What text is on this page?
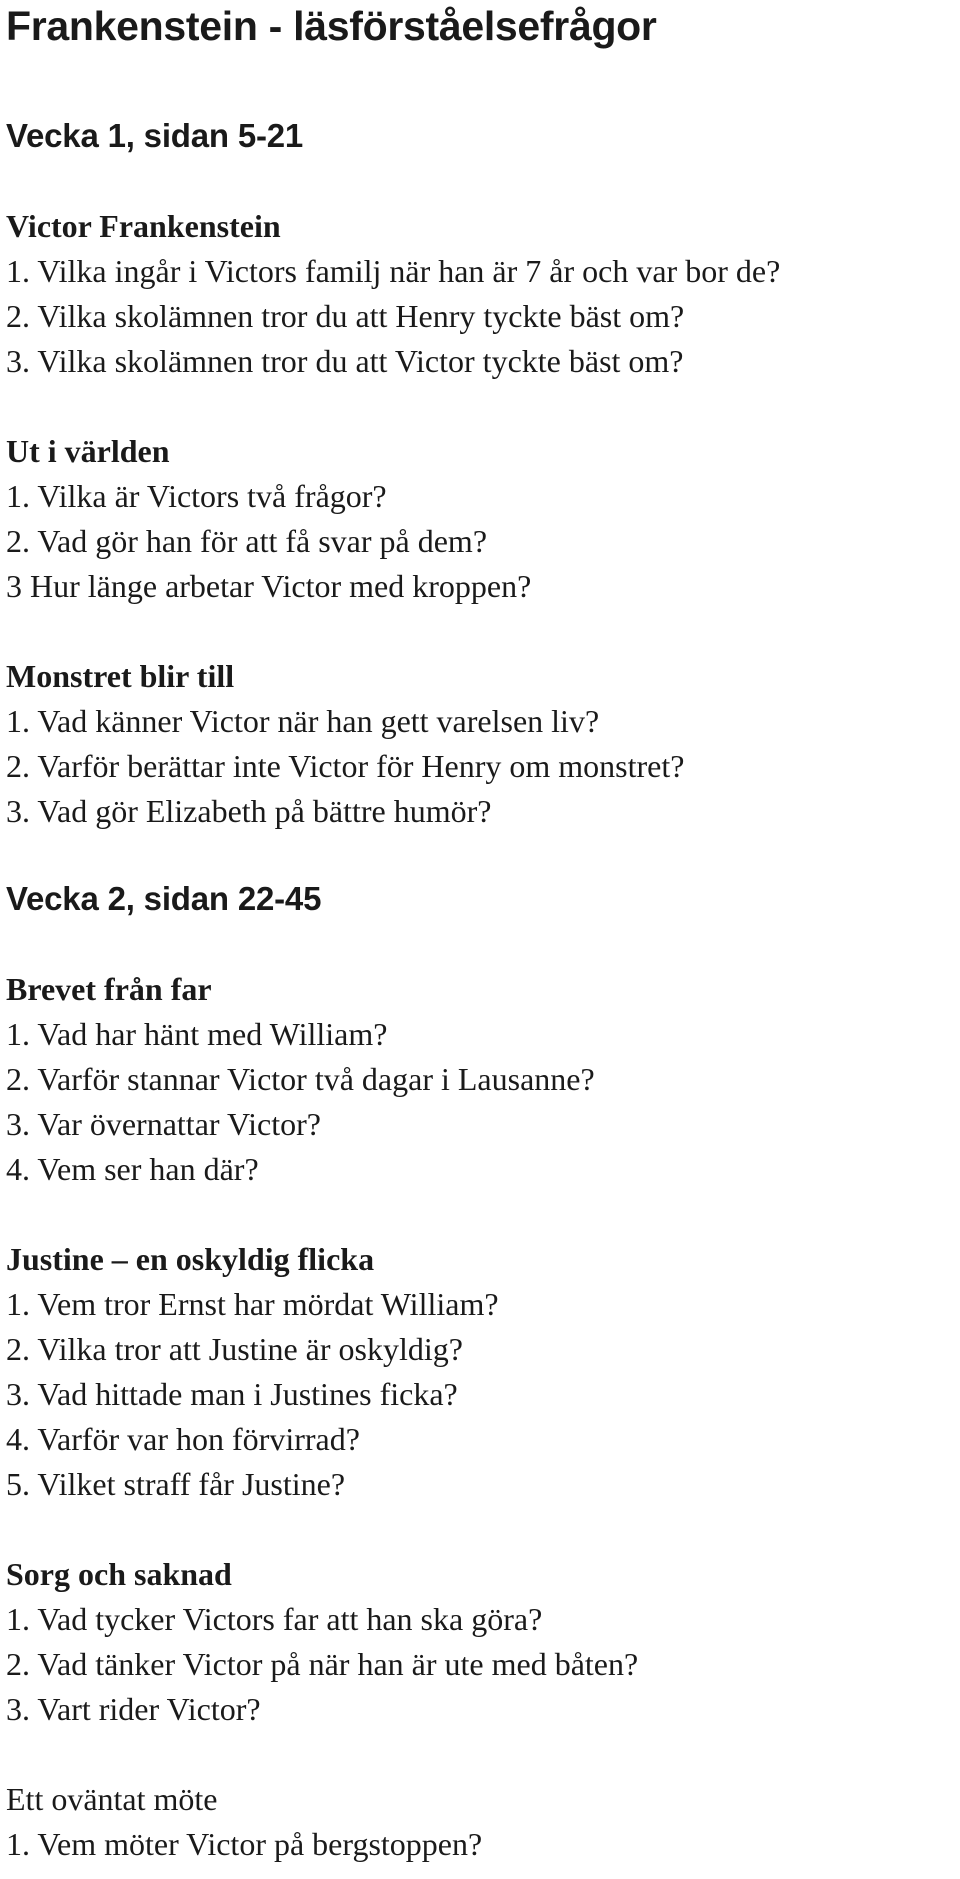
Frankenstein - läsförståelsefrågor
Vecka 1, sidan 5-21
Victor Frankenstein

1. Vilka ingår i Victors familj när han är 7 år och var bor de?

2. Vilka skolämnen tror du att Henry tyckte bäst om?

3. Vilka skolämnen tror du att Victor tyckte bäst om?

Ut i världen

1. Vilka är Victors två frågor?

2. Vad gör han för att få svar på dem?

3 Hur länge arbetar Victor med kroppen?

Monstret blir till

1. Vad känner Victor när han gett varelsen liv?

2. Varför berättar inte Victor för Henry om monstret?

3. Vad gör Elizabeth på bättre humör?

Vecka 2, sidan 22-45
Brevet från far

1. Vad har hänt med William?

2. Varför stannar Victor två dagar i Lausanne?

3. Var övernattar Victor?

4. Vem ser han där?

Justine – en oskyldig flicka

1. Vem tror Ernst har mördat William?

2. Vilka tror att Justine är oskyldig?

3. Vad hittade man i Justines ficka?

4. Varför var hon förvirrad?

5. Vilket straff får Justine?

Sorg och saknad

1. Vad tycker Victors far att han ska göra?

2. Vad tänker Victor på när han är ute med båten?

3. Vart rider Victor?

Ett oväntat möte

1. Vem möter Victor på bergstoppen?
